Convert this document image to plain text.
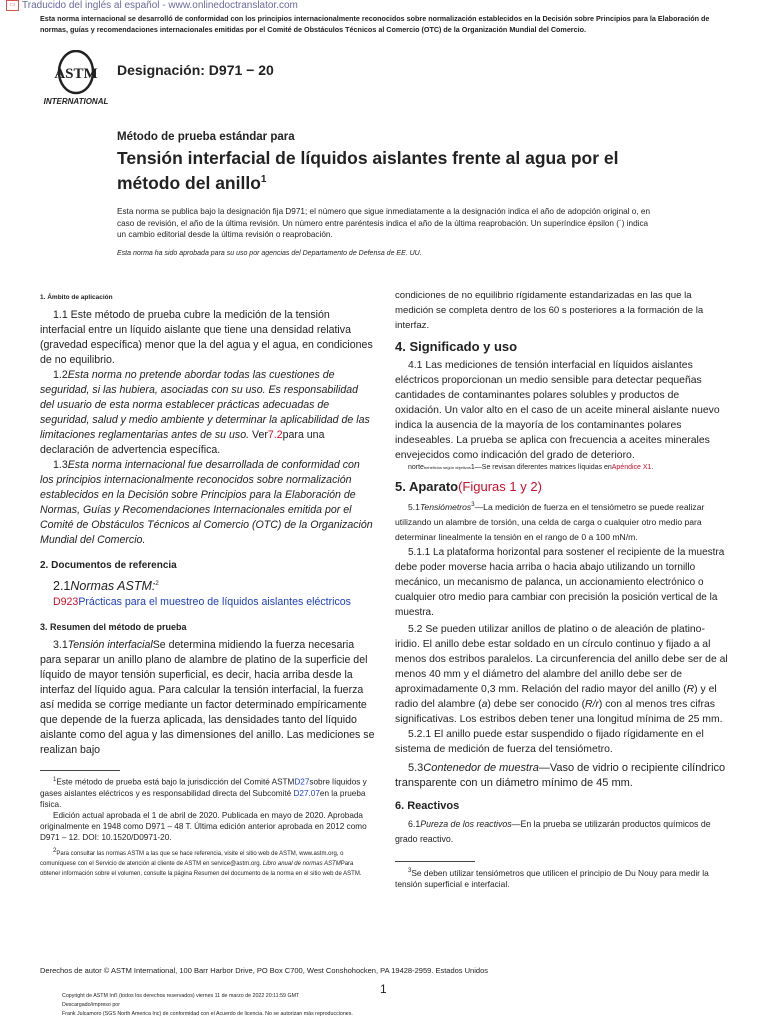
▭ Traducido del inglés al español - www.onlinedoctranslator.com
Esta norma internacional se desarrolló de conformidad con los principios internacionalmente reconocidos sobre normalización establecidos en la Decisión sobre Principios para la Elaboración de normas, guías y recomendaciones internacionales emitidas por el Comité de Obstáculos Técnicos al Comercio (OTC) de la Organización Mundial del Comercio.
ASTM
INTERNATIONAL
Designación: D971 − 20
Método de prueba estándar para
Tensión interfacial de líquidos aislantes frente al agua por el método del anillo$^1$
Esta norma se publica bajo la designación fija D971; el número que sigue inmediatamente a la designación indica el año de adopción original o, en caso de revisión, el año de la última revisión. Un número entre paréntesis indica el año de la última reaprobación. Un superíndice épsilon (´) indica un cambio editorial desde la última revisión o reaprobación.
Esta norma ha sido aprobada para su uso por agencias del Departamento de Defensa de EE. UU.
1. Ámbito de aplicación

1.1 Este método de prueba cubre la medición de la tensión interfacial entre un líquido aislante que tiene una densidad relativa (gravedad específica) menor que la del agua y el agua, en condiciones de no equilibrio.

1.2Esta norma no pretende abordar todas las cuestiones de seguridad, si las hubiera, asociadas con su uso. Es responsabilidad del usuario de esta norma establecer prácticas adecuadas de seguridad, salud y medio ambiente y determinar la aplicabilidad de las limitaciones reglamentarias antes de su uso. Ver7.2para una declaración de advertencia específica.

1.3Esta norma internacional fue desarrollada de conformidad con los principios internacionalmente reconocidos sobre normalización establecidos en la Decisión sobre Principios para la Elaboración de Normas, Guías y Recomendaciones Internacionales emitida por el Comité de Obstáculos Técnicos al Comercio (OTC) de la Organización Mundial del Comercio.

2. Documentos de referencia

2.1Normas ASTM:$^2$

D923Prácticas para el muestreo de líquidos aislantes eléctricos

3. Resumen del método de prueba

3.1Tensión interfacialSe determina midiendo la fuerza necesaria para separar un anillo plano de alambre de platino de la superficie del líquido de mayor tensión superficial, es decir, hacia arriba desde la interfaz del líquido agua. Para calcular la tensión interfacial, la fuerza así medida se corrige mediante un factor determinado empíricamente que depende de la fuerza aplicada, las densidades tanto del líquido aislante como del agua y las dimensiones del anillo. Las mediciones se realizan bajo

$^1$Este método de prueba está bajo la jurisdicción del Comité ASTMD27sobre líquidos y gases aislantes eléctricos y es responsabilidad directa del Subcomité D27.07en la prueba física.

Edición actual aprobada el 1 de abril de 2020. Publicada en mayo de 2020. Aprobada originalmente en 1948 como D971 – 48 T. Última edición anterior aprobada en 2012 como D971 – 12. DOI: 10.1520/D0971-20.

$^2$Para consultar las normas ASTM a las que se hace referencia, visite el sitio web de ASTM, www.astm.org, o comuníquese con el Servicio de atención al cliente de ASTM en service@astm.org. Libro anual de normas ASTMPara obtener información sobre el volumen, consulte la página Resumen del documento de la norma en el sitio web de ASTM.

condiciones de no equilibrio rígidamente estandarizadas en las que la medición se completa dentro de los 60 s posteriores a la formación de la interfaz.

4. Significado y uso

4.1 Las mediciones de tensión interfacial en líquidos aislantes eléctricos proporcionan un medio sensible para detectar pequeñas cantidades de contaminantes polares solubles y productos de oxidación. Un valor alto en el caso de un aceite mineral aislante nuevo indica la ausencia de la mayoría de los contaminantes polares indeseables. La prueba se aplica con frecuencia a aceites minerales envejecidos como indicación del grado de deterioro.

nortebeneficios según objetivos1—Se revisan diferentes matrices líquidas enApéndice X1.

5. Aparato(Figuras 1 y 2)

5.1Tensiómetros$^3$—La medición de fuerza en el tensiómetro se puede realizar utilizando un alambre de torsión, una celda de carga o cualquier otro medio para determinar linealmente la tensión en el rango de 0 a 100 mN/m.

5.1.1 La plataforma horizontal para sostener el recipiente de la muestra debe poder moverse hacia arriba o hacia abajo utilizando un tornillo mecánico, un mecanismo de palanca, un accionamiento electrónico o cualquier otro medio para cambiar con precisión la posición vertical de la muestra.

5.2 Se pueden utilizar anillos de platino o de aleación de platino-iridio. El anillo debe estar soldado en un círculo continuo y fijado a al menos dos estribos paralelos. La circunferencia del anillo debe ser de al menos 40 mm y el diámetro del alambre del anillo debe ser de aproximadamente 0,3 mm. Relación del radio mayor del anillo (R) y el radio del alambre (a) debe ser conocido (R/r) con al menos tres cifras significativas. Los estribos deben tener una longitud mínima de 25 mm.

5.2.1 El anillo puede estar suspendido o fijado rígidamente en el sistema de medición de fuerza del tensiómetro.

5.3Contenedor de muestra—Vaso de vidrio o recipiente cilíndrico transparente con un diámetro mínimo de 45 mm.

6. Reactivos

6.1Pureza de los reactivos—En la prueba se utilizarán productos químicos de grado reactivo.

$^3$Se deben utilizar tensiómetros que utilicen el principio de Du Nouy para medir la tensión superficial e interfacial.

Derechos de autor © ASTM International, 100 Barr Harbor Drive, PO Box C700, West Conshohocken, PA 19428-2959. Estados Unidos
1
Copyright de ASTM Int'l (todos los derechos reservados) viernes 11 de marzo de 2022 20:11:59 GMT
Descargado/impreso por
Frank Julcamoro (SGS North America Inc) de conformidad con el Acuerdo de licencia. No se autorizan más reproducciones.
